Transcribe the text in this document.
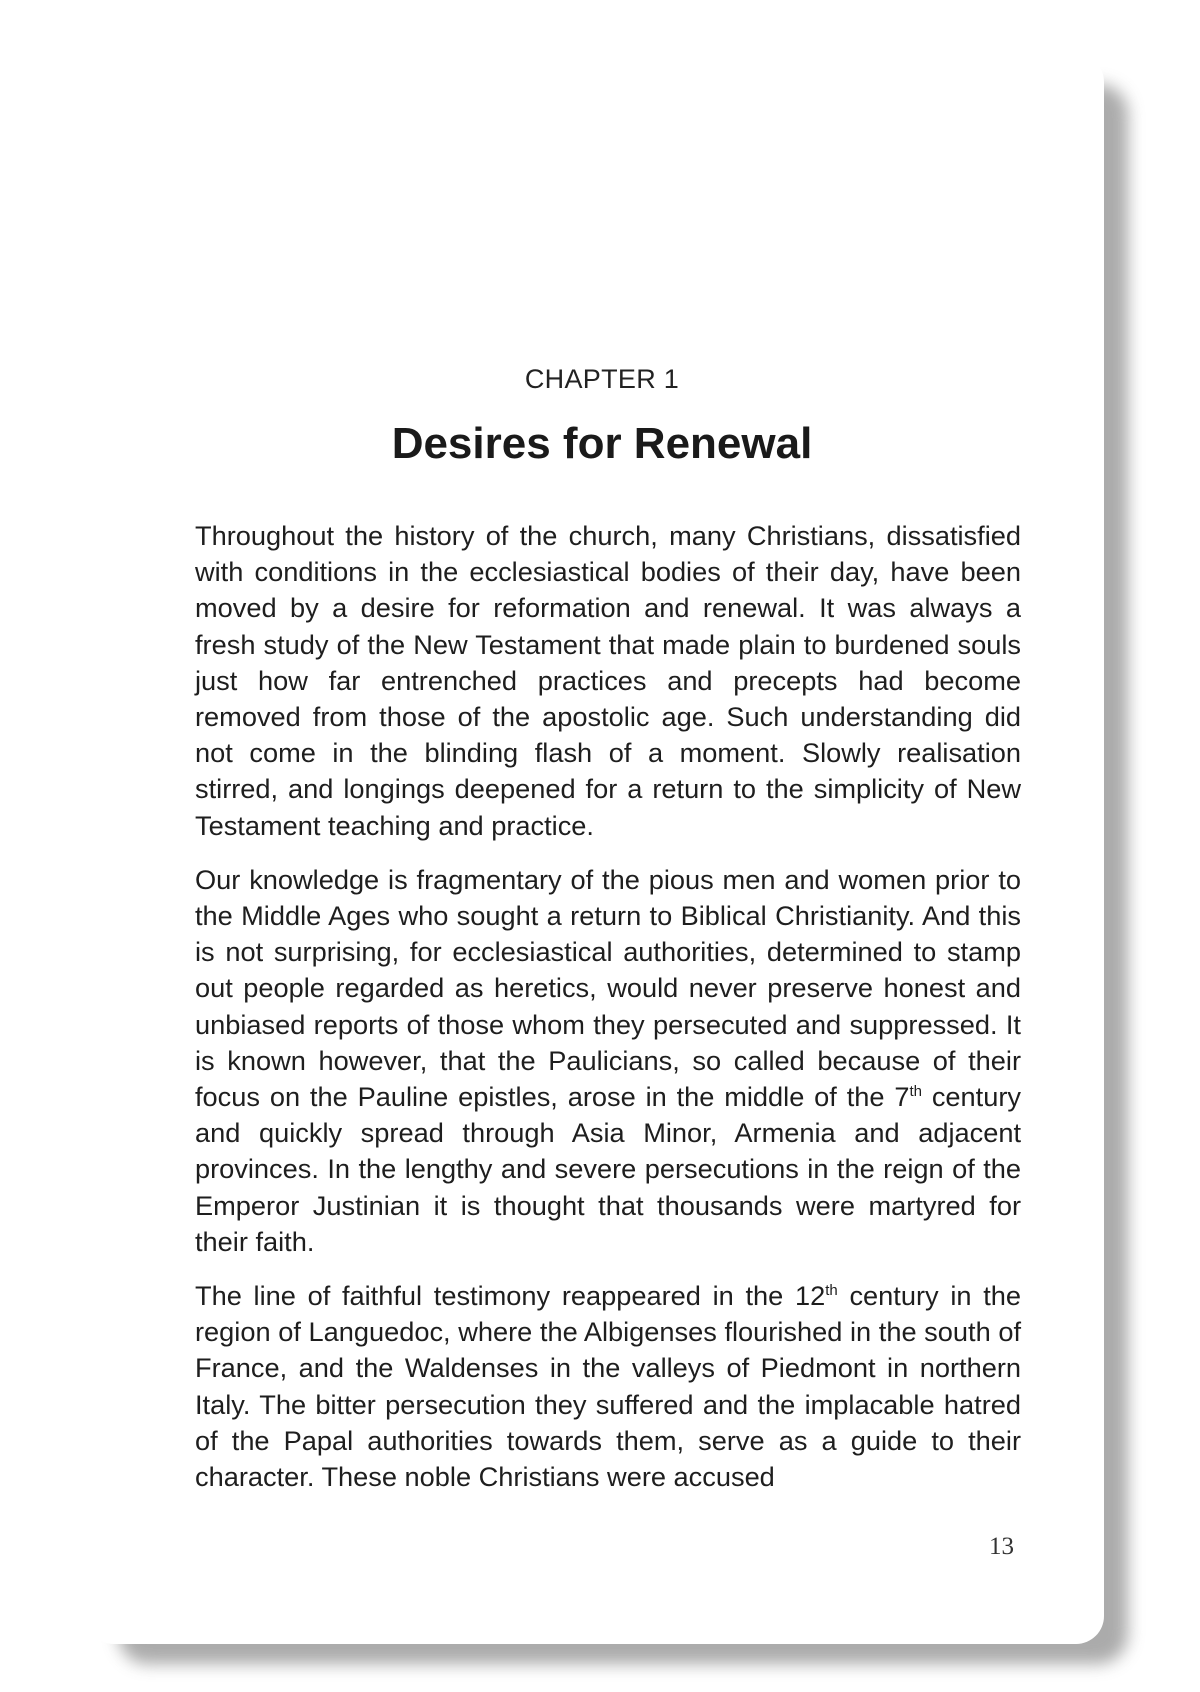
CHAPTER 1

Desires for Renewal

Throughout the history of the church, many Christians, dissatisfied with conditions in the ecclesiastical bodies of their day, have been moved by a desire for reformation and renewal. It was always a fresh study of the New Testament that made plain to burdened souls just how far entrenched practices and precepts had become removed from those of the apostolic age. Such understanding did not come in the blinding flash of a moment. Slowly realisation stirred, and longings deepened for a return to the simplicity of New Testament teaching and practice.

Our knowledge is fragmentary of the pious men and women prior to the Middle Ages who sought a return to Biblical Christianity. And this is not surprising, for ecclesiastical authorities, determined to stamp out people regarded as heretics, would never preserve honest and unbiased reports of those whom they persecuted and suppressed. It is known however, that the Paulicians, so called because of their focus on the Pauline epistles, arose in the middle of the 7th century and quickly spread through Asia Minor, Armenia and adjacent provinces. In the lengthy and severe persecutions in the reign of the Emperor Justinian it is thought that thousands were martyred for their faith.

The line of faithful testimony reappeared in the 12th century in the region of Languedoc, where the Albigenses flourished in the south of France, and the Waldenses in the valleys of Piedmont in northern Italy. The bitter persecution they suffered and the implacable hatred of the Papal authorities towards them, serve as a guide to their character. These noble Christians were accused

13
